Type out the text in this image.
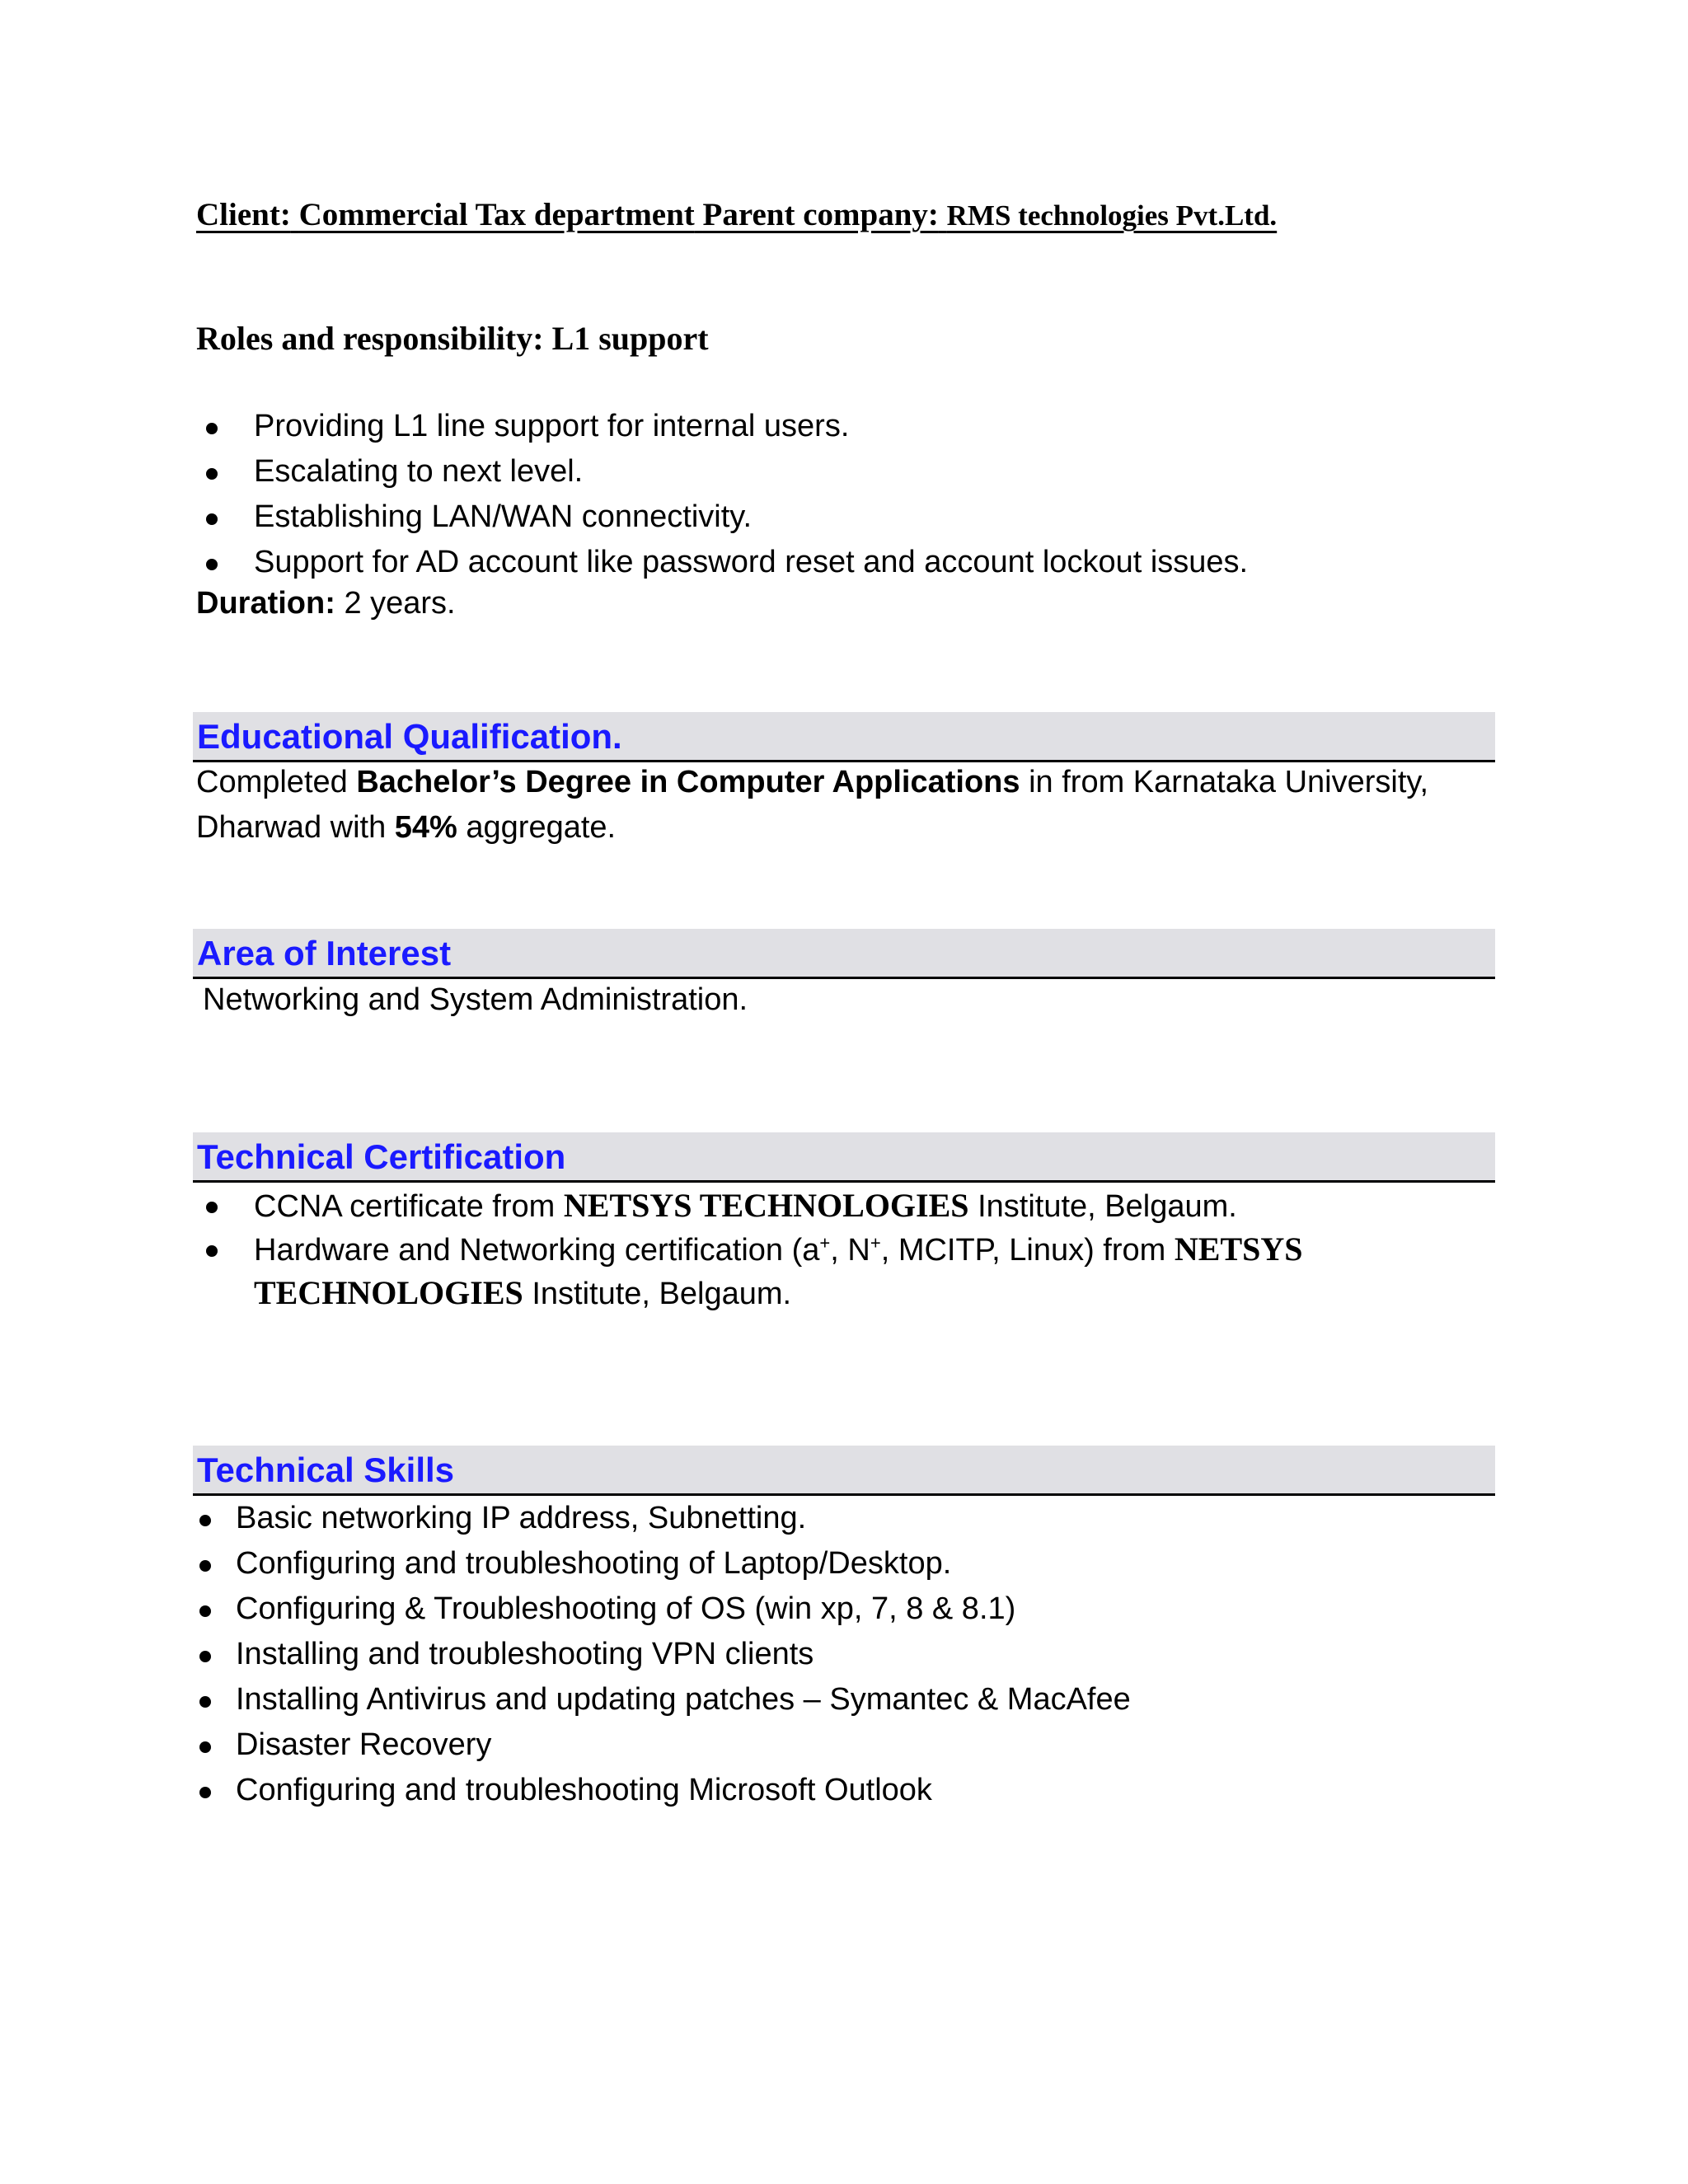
Client: Commercial Tax department Parent company: RMS technologies Pvt.Ltd.
Roles and responsibility: L1 support
Providing L1 line support for internal users.
Escalating to next level.
Establishing LAN/WAN connectivity.
Support for AD account like password reset and account lockout issues.
Duration: 2 years.
Educational Qualification.
Completed Bachelor’s Degree in Computer Applications in from Karnataka University,
Dharwad with 54% aggregate.
Area of Interest
Networking and System Administration.
Technical Certification
CCNA certificate from NETSYS TECHNOLOGIES Institute, Belgaum.
Hardware and Networking certification (a+, N+, MCITP, Linux) from NETSYS
TECHNOLOGIES Institute, Belgaum.
Technical Skills
Basic networking IP address, Subnetting.
Configuring and troubleshooting of Laptop/Desktop.
Configuring & Troubleshooting of OS (win xp, 7, 8 & 8.1)
Installing and troubleshooting VPN clients
Installing Antivirus and updating patches – Symantec & MacAfee
Disaster Recovery
Configuring and troubleshooting Microsoft Outlook
